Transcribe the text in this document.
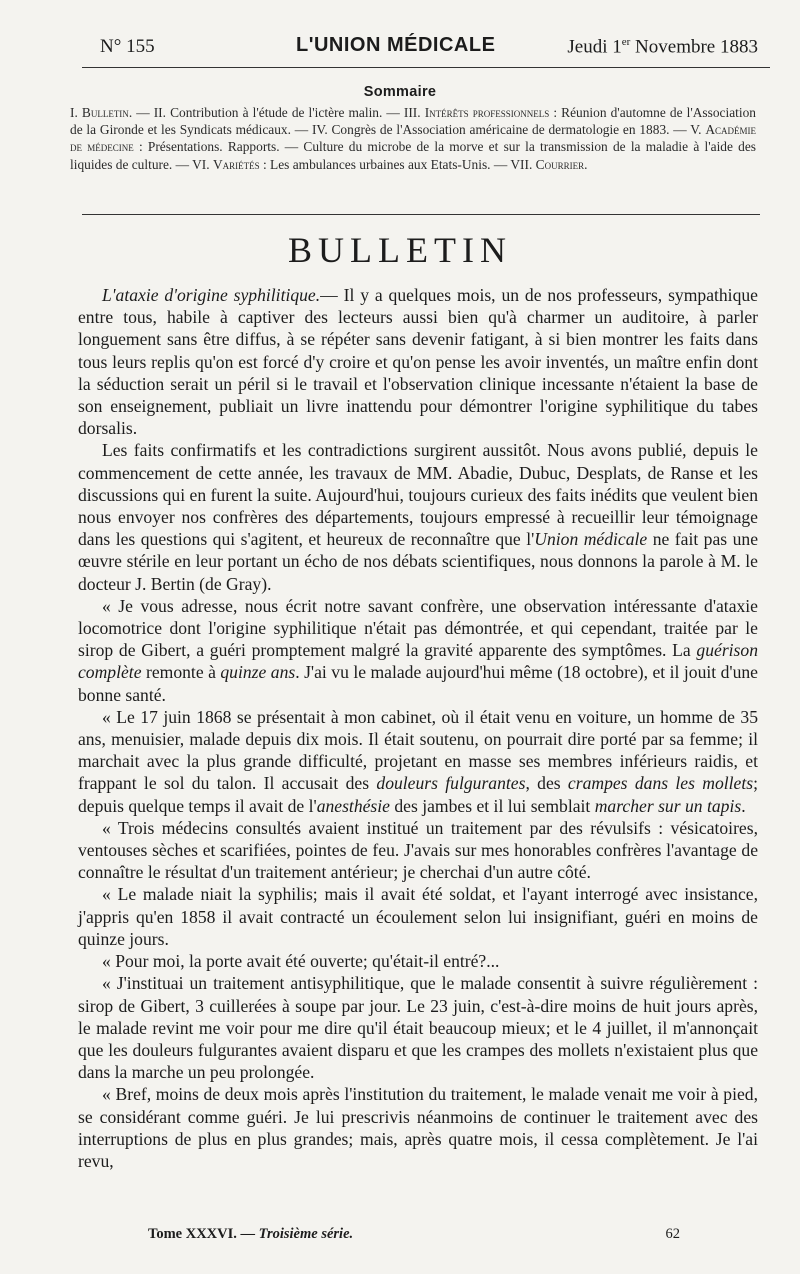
N° 155	L'UNION MÉDICALE	Jeudi 1er Novembre 1883
Sommaire
I. Bulletin. — II. Contribution à l'étude de l'ictère malin. — III. Intérêts professionnels : Réunion d'automne de l'Association de la Gironde et les Syndicats médicaux. — IV. Congrès de l'Association américaine de dermatologie en 1883. — V. Académie de médecine : Présentations. Rapports. — Culture du microbe de la morve et sur la transmission de la maladie à l'aide des liquides de culture. — VI. Variétés : Les ambulances urbaines aux Etats-Unis. — VII. Courrier.
BULLETIN

L'ataxie d'origine syphilitique.— Il y a quelques mois, un de nos professeurs, sympathique entre tous, habile à captiver des lecteurs aussi bien qu'à charmer un auditoire, à parler longuement sans être diffus, à se répéter sans devenir fatigant, à si bien montrer les faits dans tous leurs replis qu'on est forcé d'y croire et qu'on pense les avoir inventés, un maître enfin dont la séduction serait un péril si le travail et l'observation clinique incessante n'étaient la base de son enseignement, publiait un livre inattendu pour démontrer l'origine syphilitique du tabes dorsalis.

Les faits confirmatifs et les contradictions surgirent aussitôt. Nous avons publié, depuis le commencement de cette année, les travaux de MM. Abadie, Dubuc, Desplats, de Ranse et les discussions qui en furent la suite. Aujourd'hui, toujours curieux des faits inédits que veulent bien nous envoyer nos confrères des départements, toujours empressé à recueillir leur témoignage dans les questions qui s'agitent, et heureux de reconnaître que l'Union médicale ne fait pas une œuvre stérile en leur portant un écho de nos débats scientifiques, nous donnons la parole à M. le docteur J. Bertin (de Gray).

« Je vous adresse, nous écrit notre savant confrère, une observation intéressante d'ataxie locomotrice dont l'origine syphilitique n'était pas démontrée, et qui cependant, traitée par le sirop de Gibert, a guéri promptement malgré la gravité apparente des symptômes. La guérison complète remonte à quinze ans. J'ai vu le malade aujourd'hui même (18 octobre), et il jouit d'une bonne santé.

« Le 17 juin 1868 se présentait à mon cabinet, où il était venu en voiture, un homme de 35 ans, menuisier, malade depuis dix mois. Il était soutenu, on pourrait dire porté par sa femme; il marchait avec la plus grande difficulté, projetant en masse ses membres inférieurs raidis, et frappant le sol du talon. Il accusait des douleurs fulgurantes, des crampes dans les mollets; depuis quelque temps il avait de l'anesthésie des jambes et il lui semblait marcher sur un tapis.

« Trois médecins consultés avaient institué un traitement par des révulsifs : vésicatoires, ventouses sèches et scarifiées, pointes de feu. J'avais sur mes honorables confrères l'avantage de connaître le résultat d'un traitement antérieur; je cherchai d'un autre côté.

« Le malade niait la syphilis; mais il avait été soldat, et l'ayant interrogé avec insistance, j'appris qu'en 1858 il avait contracté un écoulement selon lui insignifiant, guéri en moins de quinze jours.

« Pour moi, la porte avait été ouverte; qu'était-il entré?...

« J'instituai un traitement antisyphilitique, que le malade consentit à suivre régulièrement : sirop de Gibert, 3 cuillerées à soupe par jour. Le 23 juin, c'est-à-dire moins de huit jours après, le malade revint me voir pour me dire qu'il était beaucoup mieux; et le 4 juillet, il m'annonçait que les douleurs fulgurantes avaient disparu et que les crampes des mollets n'existaient plus que dans la marche un peu prolongée.

« Bref, moins de deux mois après l'institution du traitement, le malade venait me voir à pied, se considérant comme guéri. Je lui prescrivis néanmoins de continuer le traitement avec des interruptions de plus en plus grandes; mais, après quatre mois, il cessa complètement. Je l'ai revu,

Tome XXXVI. — Troisième série.	62
